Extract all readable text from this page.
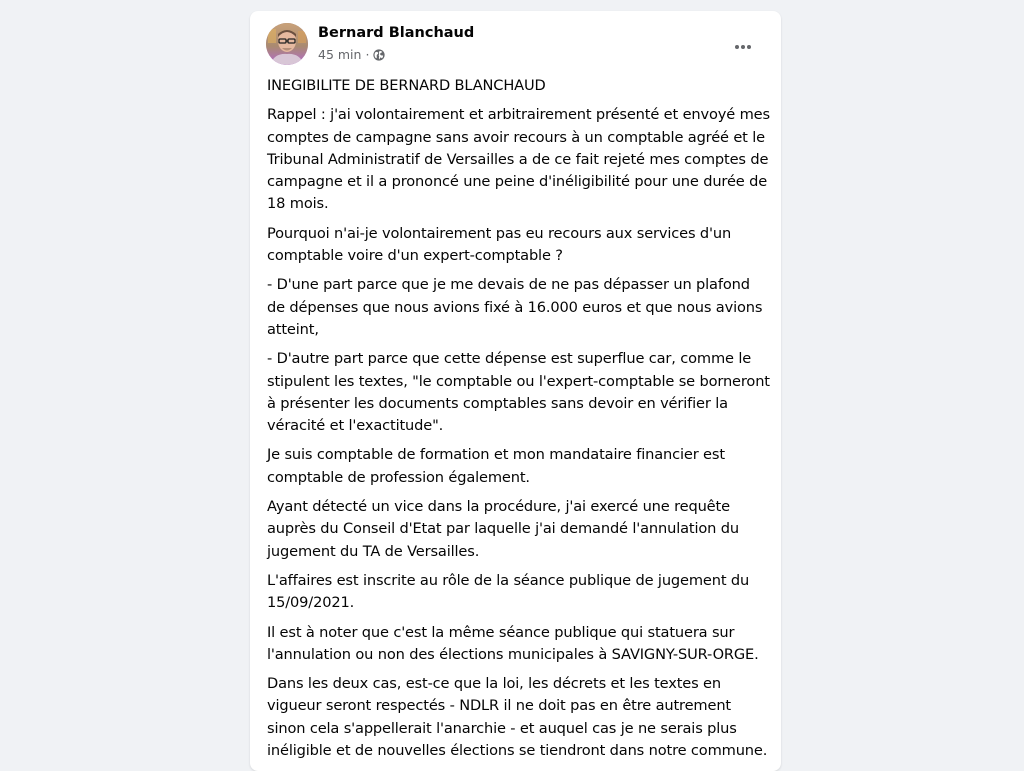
Bernard Blanchaud
45 min ·

INEGIBILITE DE BERNARD BLANCHAUD

Rappel : j'ai volontairement et arbitrairement présenté et envoyé mes comptes de campagne sans avoir recours à un comptable agréé et le Tribunal Administratif de Versailles a de ce fait rejeté mes comptes de campagne et il a prononcé une peine d'inéligibilité pour une durée de 18 mois.

Pourquoi n'ai-je volontairement pas eu recours aux services d'un comptable voire d'un expert-comptable ?

- D'une part parce que je me devais de ne pas dépasser un plafond de dépenses que nous avions fixé à 16.000 euros et que nous avions atteint,

- D'autre part parce que cette dépense est superflue car, comme le stipulent les textes, "le comptable ou l'expert-comptable se borneront à présenter les documents comptables sans devoir en vérifier la véracité et l'exactitude".

Je suis comptable de formation et mon mandataire financier est comptable de profession également.

Ayant détecté un vice dans la procédure, j'ai exercé une requête auprès du Conseil d'Etat par laquelle j'ai demandé l'annulation du jugement du TA de Versailles.

L'affaires est inscrite au rôle de la séance publique de jugement du 15/09/2021.

Il est à noter que c'est la même séance publique qui statuera sur l'annulation ou non des élections municipales à SAVIGNY-SUR-ORGE.

Dans les deux cas, est-ce que la loi, les décrets et les textes en vigueur seront respectés - NDLR il ne doit pas en être autrement sinon cela s'appellerait l'anarchie - et auquel cas je ne serais plus inéligible et de nouvelles élections se tiendront dans notre commune.
